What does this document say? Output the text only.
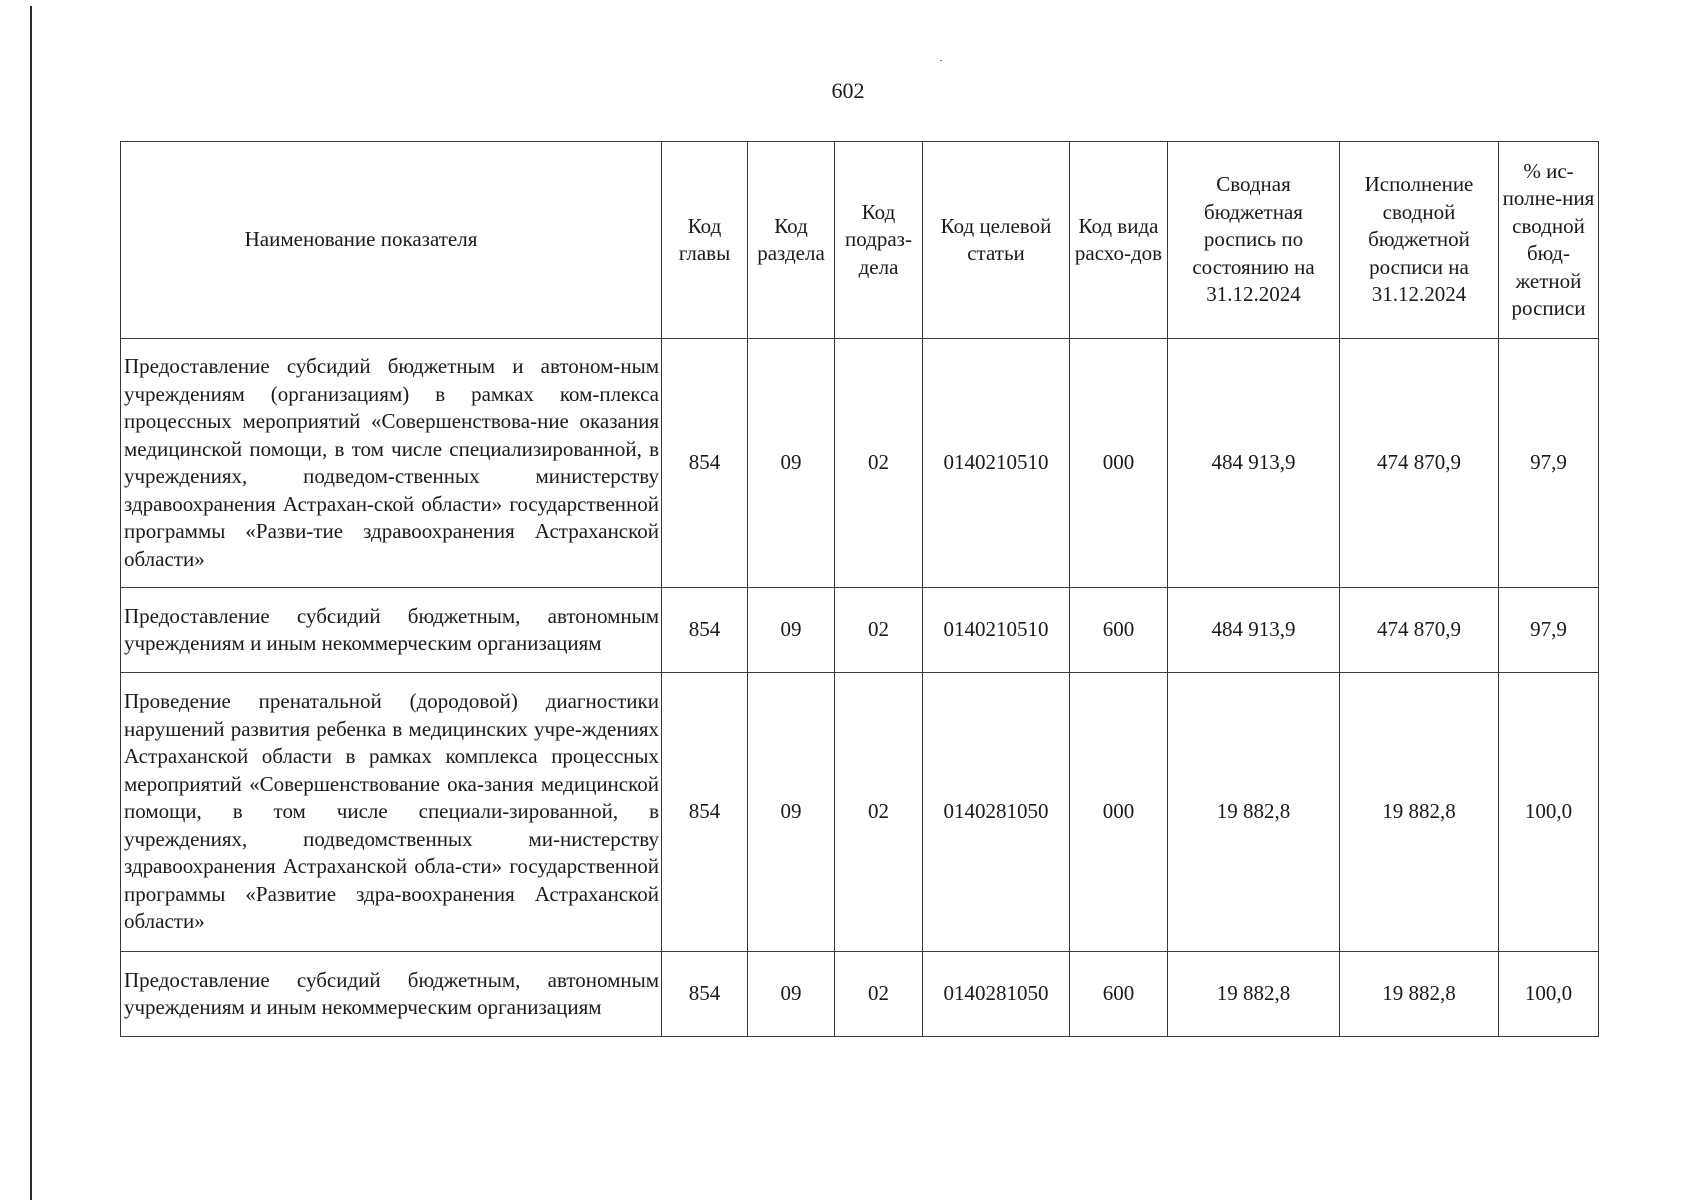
602
Наименование показателя	Код главы	Код раздела	Код подраз-дела	Код целевой статьи	Код вида расхо-дов	Сводная бюджетная роспись по состоянию на 31.12.2024	Исполнение сводной бюджетной росписи на 31.12.2024	% ис-полне-ния сводной бюд-жетной росписи
Предоставление субсидий бюджетным и автоном-ным учреждениям (организациям) в рамках ком-плекса процессных мероприятий «Совершенствова-ние оказания медицинской помощи, в том числе специализированной, в учреждениях, подведом-ственных министерству здравоохранения Астрахан-ской области» государственной программы «Разви-тие здравоохранения Астраханской области»	854	09	02	0140210510	000	484 913,9	474 870,9	97,9
Предоставление субсидий бюджетным, автономным учреждениям и иным некоммерческим организациям	854	09	02	0140210510	600	484 913,9	474 870,9	97,9
Проведение пренатальной (дородовой) диагностики нарушений развития ребенка в медицинских учре-ждениях Астраханской области в рамках комплекса процессных мероприятий «Совершенствование ока-зания медицинской помощи, в том числе специали-зированной, в учреждениях, подведомственных ми-нистерству здравоохранения Астраханской обла-сти» государственной программы «Развитие здра-воохранения Астраханской области»	854	09	02	0140281050	000	19 882,8	19 882,8	100,0
Предоставление субсидий бюджетным, автономным учреждениям и иным некоммерческим организациям	854	09	02	0140281050	600	19 882,8	19 882,8	100,0
